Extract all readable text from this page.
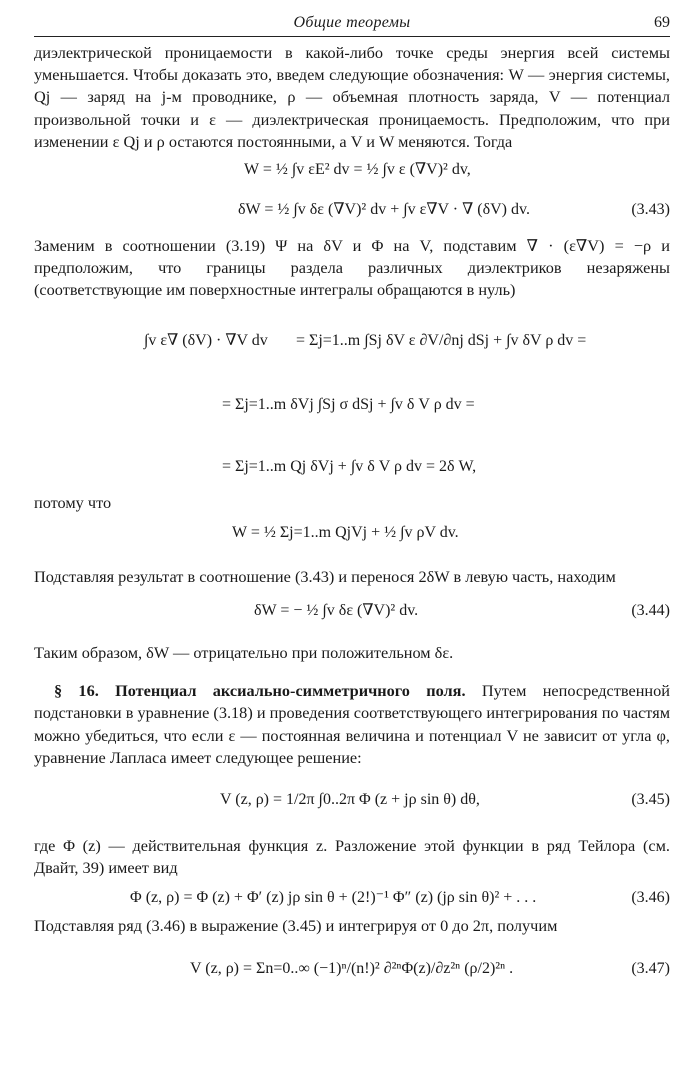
Общие теоремы	69

диэлектрической проницаемости в какой-либо точке среды энергия всей системы уменьшается. Чтобы доказать это, введем следующие обозначения: W — энергия системы, Qj — заряд на j-м проводнике, ρ — объемная плотность заряда, V — потенциал произвольной точки и ε — диэлектрическая проницаемость. Предположим, что при изменении ε Qj и ρ остаются постоянными, а V и W меняются. Тогда

W = ½ ∫v εE² dv = ½ ∫v ε (∇V)² dv,
δW = ½ ∫v δε (∇V)² dv + ∫v ε∇V · ∇ (δV) dv.	(3.43)

Заменим в соотношении (3.19) Ψ на δV и Φ на V, подставим ∇ · (ε∇V) = −ρ и предположим, что границы раздела различных диэлектриков незаряжены (соответствующие им поверхностные интегралы обращаются в нуль)

∫v ε∇ (δV) · ∇V dv = Σj=1..m ∫Sj δV ε ∂V/∂nj dSj + ∫v δV ρ dv =
= Σj=1..m δVj ∫Sj σ dSj + ∫v δ V ρ dv =
= Σj=1..m Qj δVj + ∫v δ V ρ dv = 2δ W,

потому что

W = ½ Σj=1..m QjVj + ½ ∫v ρV dv.

Подставляя результат в соотношение (3.43) и перенося 2δW в левую часть, находим

δW = − ½ ∫v δε (∇V)² dv.	(3.44)

Таким образом, δW — отрицательно при положительном δε.

§ 16. Потенциал аксиально-симметричного поля. Путем непосредственной подстановки в уравнение (3.18) и проведения соответствующего интегрирования по частям можно убедиться, что если ε — постоянная величина и потенциал V не зависит от угла φ, уравнение Лапласа имеет следующее решение:

V (z, ρ) = 1/2π ∫0..2π Φ (z + jρ sin θ) dθ,	(3.45)

где Φ (z) — действительная функция z. Разложение этой функции в ряд Тейлора (см. Двайт, 39) имеет вид

Φ (z, ρ) = Φ (z) + Φ′ (z) jρ sin θ + (2!)⁻¹ Φ″ (z) (jρ sin θ)² + . . .	(3.46)

Подставляя ряд (3.46) в выражение (3.45) и интегрируя от 0 до 2π, получим

V (z, ρ) = Σn=0..∞ (−1)ⁿ/(n!)² ∂²ⁿΦ(z)/∂z²ⁿ (ρ/2)²ⁿ .	(3.47)
